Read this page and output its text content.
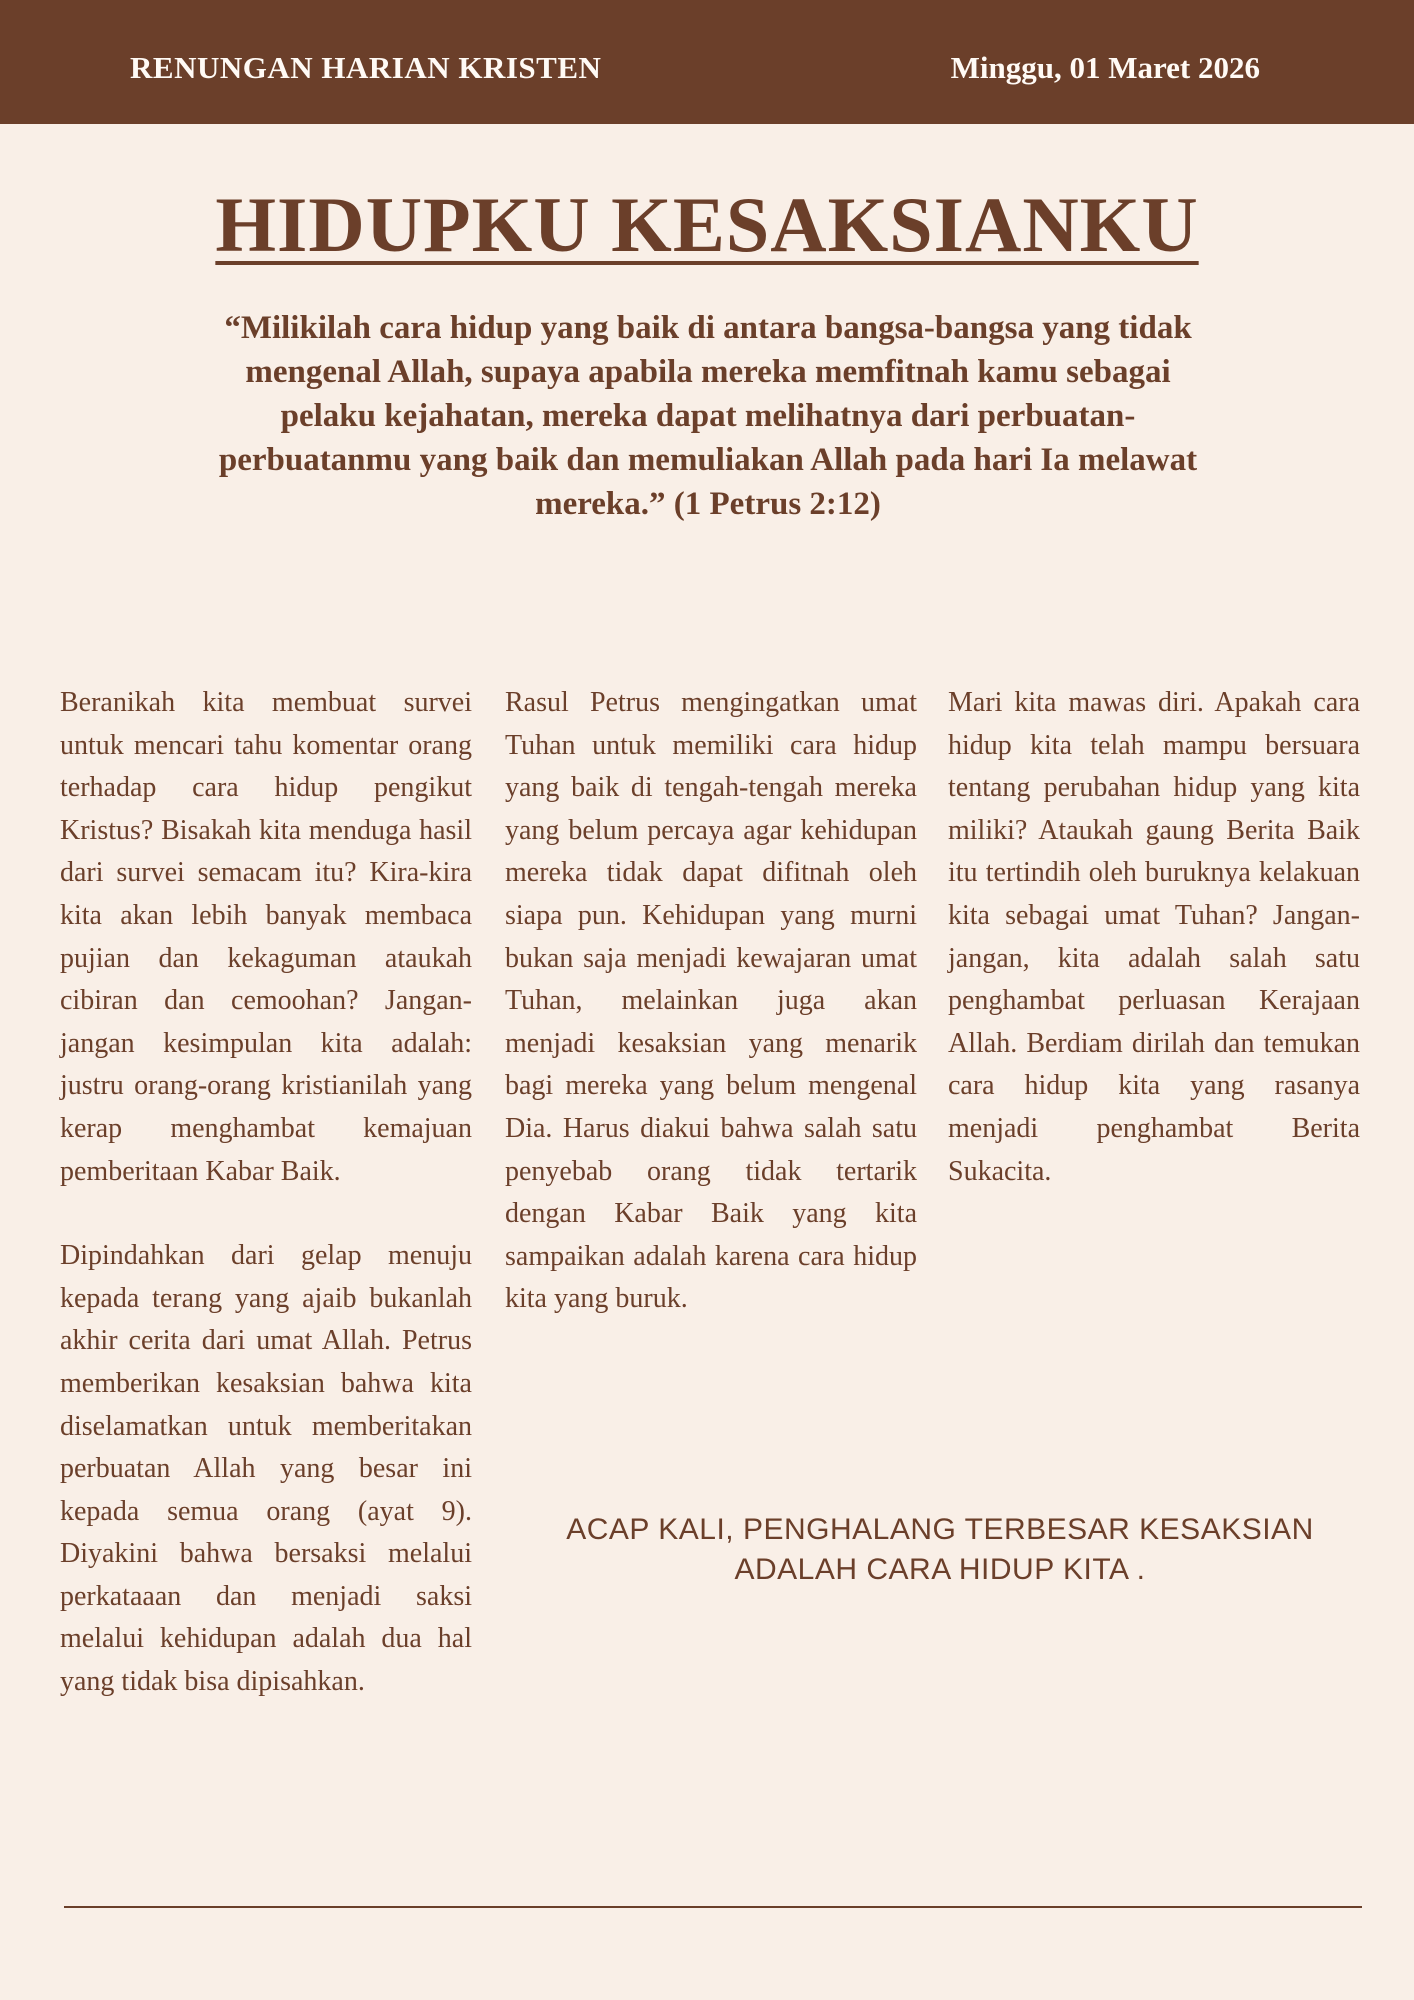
RENUNGAN HARIAN KRISTEN	Minggu, 01 Maret 2026
HIDUPKU KESAKSIANKU

“Milikilah cara hidup yang baik di antara bangsa-bangsa yang tidak mengenal Allah, supaya apabila mereka memfitnah kamu sebagai pelaku kejahatan, mereka dapat melihatnya dari perbuatan-perbuatanmu yang baik dan memuliakan Allah pada hari Ia melawat mereka.” (1 Petrus 2:12)

Beranikah kita membuat survei untuk mencari tahu komentar orang terhadap cara hidup pengikut Kristus? Bisakah kita menduga hasil dari survei semacam itu? Kira-kira kita akan lebih banyak membaca pujian dan kekaguman ataukah cibiran dan cemoohan? Jangan-jangan kesimpulan kita adalah: justru orang-orang kristianilah yang kerap menghambat kemajuan pemberitaan Kabar Baik.

Dipindahkan dari gelap menuju kepada terang yang ajaib bukanlah akhir cerita dari umat Allah. Petrus memberikan kesaksian bahwa kita diselamatkan untuk memberitakan perbuatan Allah yang besar ini kepada semua orang (ayat 9). Diyakini bahwa bersaksi melalui perkataaan dan menjadi saksi melalui kehidupan adalah dua hal yang tidak bisa dipisahkan.

Rasul Petrus mengingatkan umat Tuhan untuk memiliki cara hidup yang baik di tengah-tengah mereka yang belum percaya agar kehidupan mereka tidak dapat difitnah oleh siapa pun. Kehidupan yang murni bukan saja menjadi kewajaran umat Tuhan, melainkan juga akan menjadi kesaksian yang menarik bagi mereka yang belum mengenal Dia. Harus diakui bahwa salah satu penyebab orang tidak tertarik dengan Kabar Baik yang kita sampaikan adalah karena cara hidup kita yang buruk.

Mari kita mawas diri. Apakah cara hidup kita telah mampu bersuara tentang perubahan hidup yang kita miliki? Ataukah gaung Berita Baik itu tertindih oleh buruknya kelakuan kita sebagai umat Tuhan? Jangan-jangan, kita adalah salah satu penghambat perluasan Kerajaan Allah. Berdiam dirilah dan temukan cara hidup kita yang rasanya menjadi penghambat Berita Sukacita.

ACAP KALI, PENGHALANG TERBESAR KESAKSIAN ADALAH CARA HIDUP KITA .
